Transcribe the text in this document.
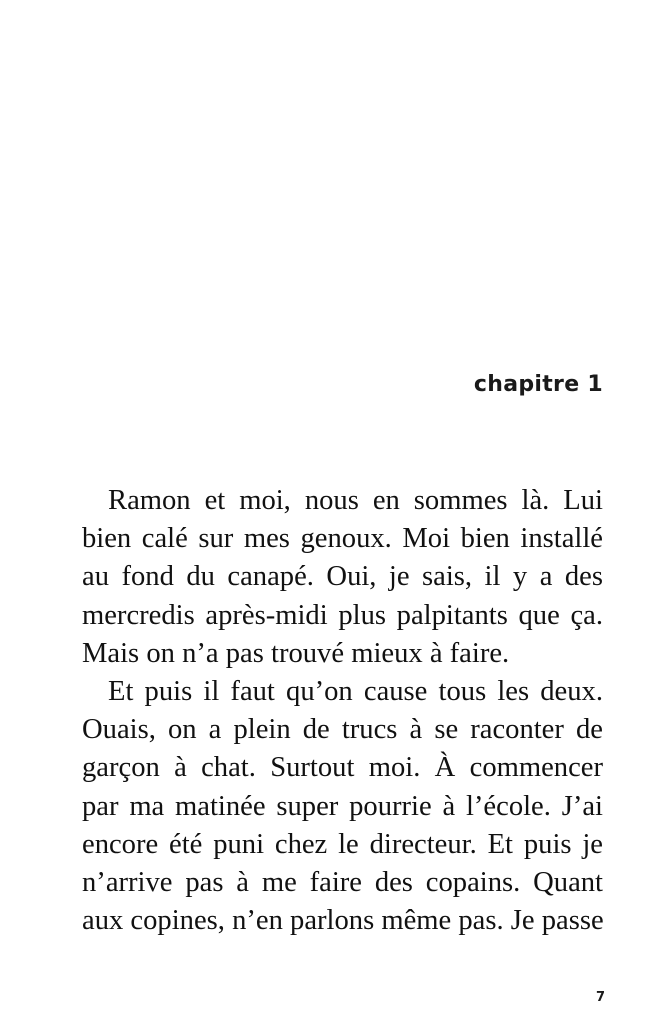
chapitre 1
Ramon et moi, nous en sommes là. Lui
bien calé sur mes genoux. Moi bien installé
au fond du canapé. Oui, je sais, il y a des
mercredis après-midi plus palpitants que ça.
Mais on n’a pas trouvé mieux à faire.
Et puis il faut qu’on cause tous les deux.
Ouais, on a plein de trucs à se raconter de
garçon à chat. Surtout moi. À commencer
par ma matinée super pourrie à l’école. J’ai
encore été puni chez le directeur. Et puis je
n’arrive pas à me faire des copains. Quant
aux copines, n’en parlons même pas. Je passe
7
